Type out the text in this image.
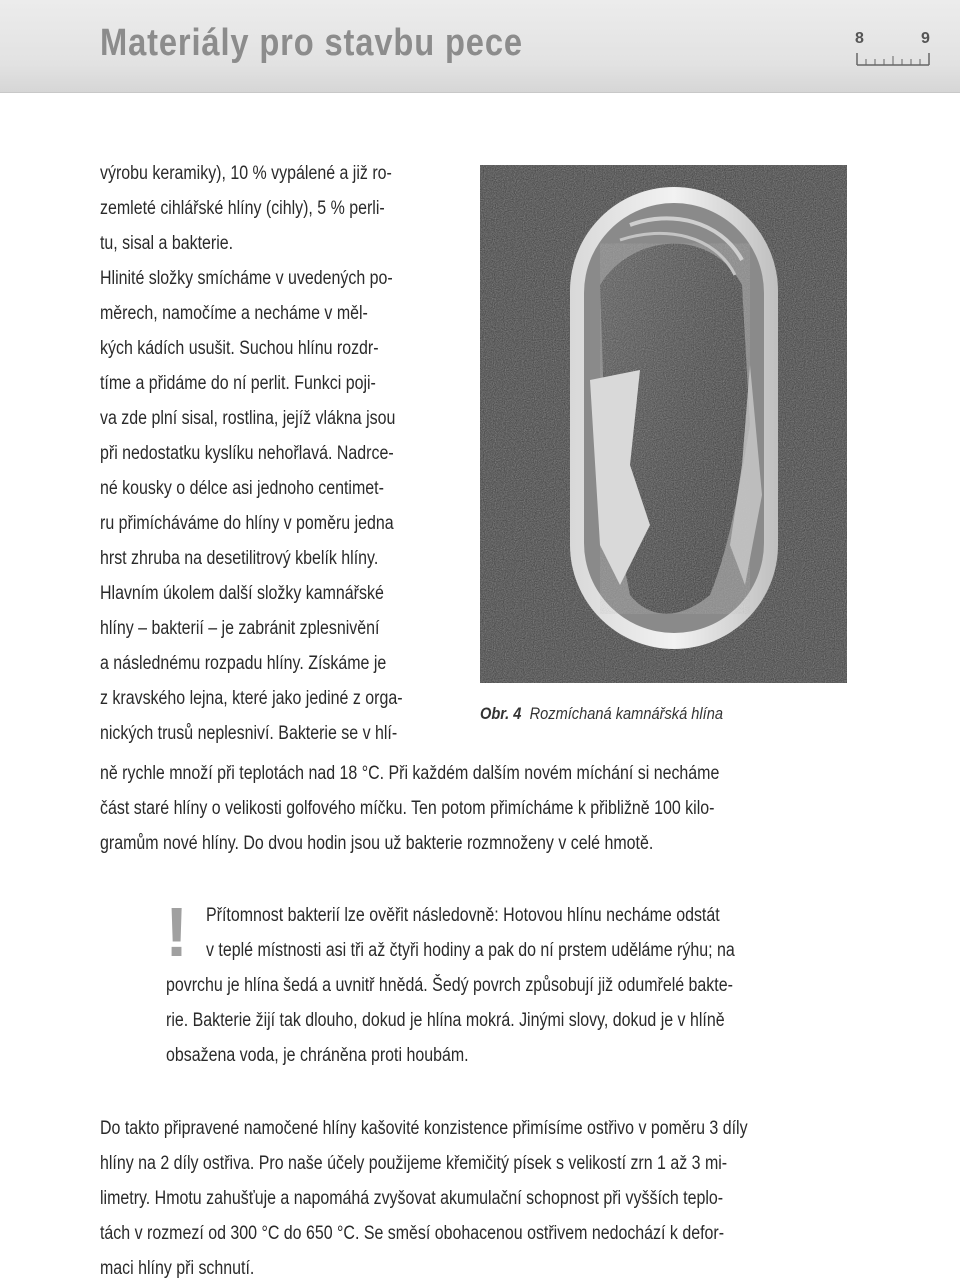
Materiály pro stavbu pece	8	9
výrobu keramiky), 10 % vypálené a již ro-
zemleté cihlářské hlíny (cihly), 5 % perli-
tu, sisal a bakterie.
Hlinité složky smícháme v uvedených po-
měrech, namočíme a necháme v měl-
kých kádích usušit. Suchou hlínu rozdr-
tíme a přidáme do ní perlit. Funkci poji-
va zde plní sisal, rostlina, jejíž vlákna jsou
při nedostatku kyslíku nehořlavá. Nadrce-
né kousky o délce asi jednoho centimet-
ru přimícháváme do hlíny v poměru jedna
hrst zhruba na desetilitrový kbelík hlíny.
Hlavním úkolem další složky kamnářské
hlíny – bakterií – je zabránit zplesnivění
a následnému rozpadu hlíny. Získáme je
z kravského lejna, které jako jediné z orga-
nických trusů neplesniví. Bakterie se v hlí-
Obr. 4 Rozmíchaná kamnářská hlína
ně rychle množí při teplotách nad 18 °C. Při každém dalším novém míchání si necháme
část staré hlíny o velikosti golfového míčku. Ten potom přimícháme k přibližně 100 kilo-
gramům nové hlíny. Do dvou hodin jsou už bakterie rozmnoženy v celé hmotě.
! Přítomnost bakterií lze ověřit následovně: Hotovou hlínu necháme odstát
v teplé místnosti asi tři až čtyři hodiny a pak do ní prstem uděláme rýhu; na
povrchu je hlína šedá a uvnitř hnědá. Šedý povrch způsobují již odumřelé bakte-
rie. Bakterie žijí tak dlouho, dokud je hlína mokrá. Jinými slovy, dokud je v hlíně
obsažena voda, je chráněna proti houbám.
Do takto připravené namočené hlíny kašovité konzistence přimísíme ostřivo v poměru 3 díly
hlíny na 2 díly ostřiva. Pro naše účely použijeme křemičitý písek s velikostí zrn 1 až 3 mi-
limetry. Hmotu zahušťuje a napomáhá zvyšovat akumulační schopnost při vyšších teplo-
tách v rozmezí od 300 °C do 650 °C. Se směsí obohacenou ostřivem nedochází k defor-
maci hlíny při schnutí.
